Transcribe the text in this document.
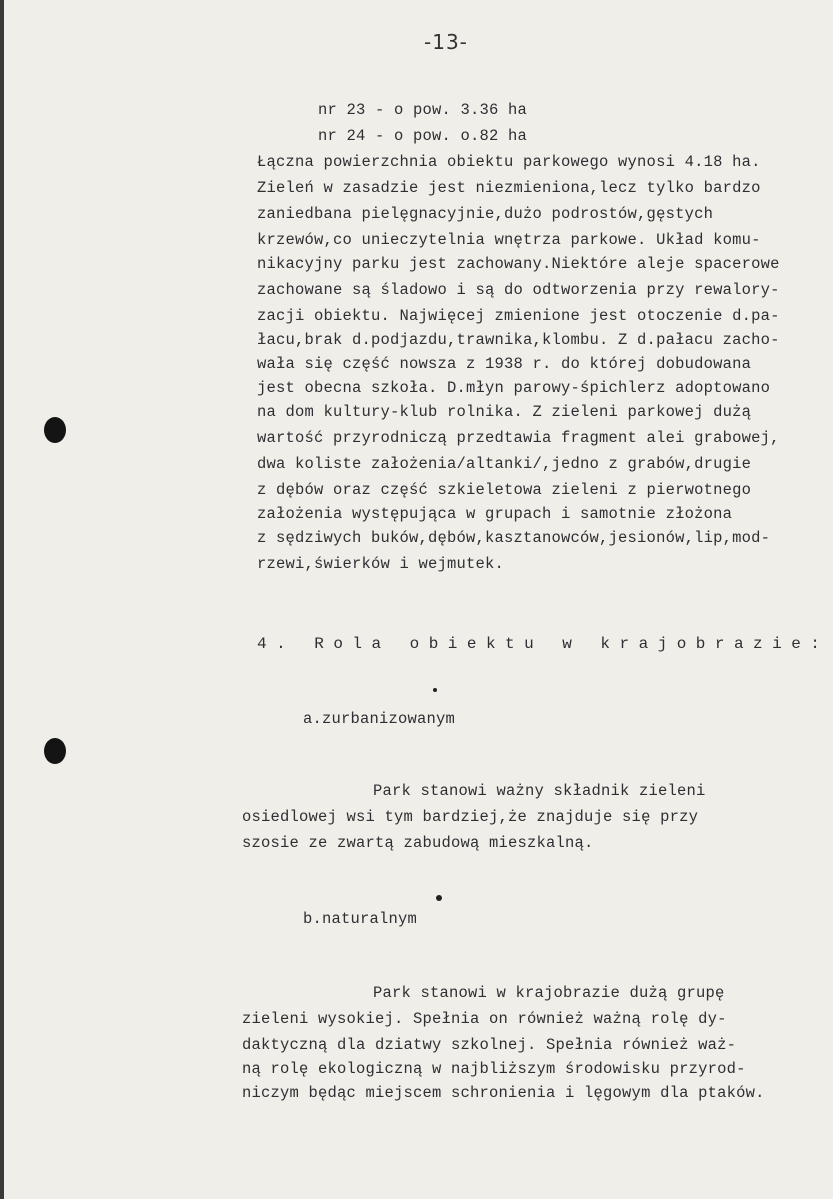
-13-
nr 23 - o pow. 3.36 ha
nr 24 - o pow. o.82 ha
Łączna powierzchnia obiektu parkowego wynosi 4.18 ha.
Zieleń w zasadzie jest niezmieniona,lecz tylko bardzo
zaniedbana pielęgnacyjnie,dużo podrostów,gęstych
krzewów,co unieczytelnia wnętrza parkowe. Układ komu-
nikacyjny parku jest zachowany.Niektóre aleje spacerowe
zachowane są śladowo i są do odtworzenia przy rewalory-
zacji obiektu. Najwięcej zmienione jest otoczenie d.pa-
łacu,brak d.podjazdu,trawnika,klombu. Z d.pałacu zacho-
wała się część nowsza z 1938 r. do której dobudowana
jest obecna szkoła. D.młyn parowy-śpichlerz adoptowano
na dom kultury-klub rolnika. Z zieleni parkowej dużą
wartość przyrodniczą przedtawia fragment alei grabowej,
dwa koliste założenia/altanki/,jedno z grabów,drugie
z dębów oraz część szkieletowa zieleni z pierwotnego
założenia występująca w grupach i samotnie złożona
z sędziwych buków,dębów,kasztanowców,jesionów,lip,mod-
rzewi,świerków i wejmutek.
4 .
R o l a
o b i e k t u
w
k r a j o b r a z i e :
a.zurbanizowanym
Park stanowi ważny składnik zieleni
osiedlowej wsi tym bardziej,że znajduje się przy
szosie ze zwartą zabudową mieszkalną.
b.naturalnym
Park stanowi w krajobrazie dużą grupę
zieleni wysokiej. Spełnia on również ważną rolę dy-
daktyczną dla dziatwy szkolnej. Spełnia również waż-
ną rolę ekologiczną w najbliższym środowisku przyrod-
niczym będąc miejscem schronienia i lęgowym dla ptaków.
